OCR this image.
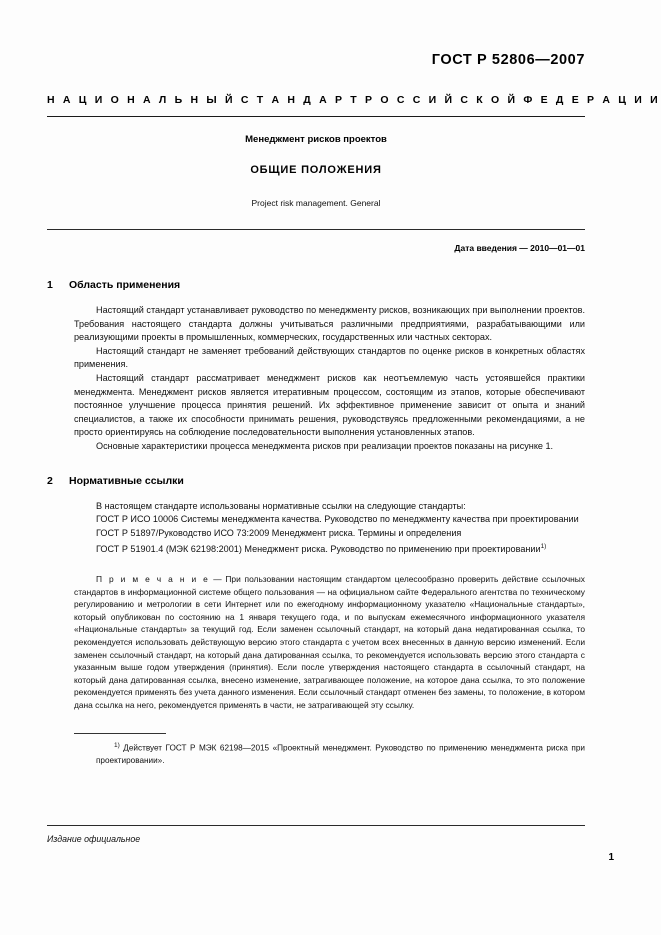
ГОСТ Р 52806—2007
Н А Ц И О Н А Л Ь Н Ы Й С Т А Н Д А Р Т Р О С С И Й С К О Й Ф Е Д Е Р А Ц И И
Менеджмент рисков проектов
ОБЩИЕ ПОЛОЖЕНИЯ
Project risk management. General
Дата введения — 2010—01—01
1 Область применения

Настоящий стандарт устанавливает руководство по менеджменту рисков, возникающих при выполнении проектов. Требования настоящего стандарта должны учитываться различными предприятиями, разрабатывающими или реализующими проекты в промышленных, коммерческих, государственных или частных секторах.

Настоящий стандарт не заменяет требований действующих стандартов по оценке рисков в конкретных областях применения.

Настоящий стандарт рассматривает менеджмент рисков как неотъемлемую часть устоявшейся практики менеджмента. Менеджмент рисков является итеративным процессом, состоящим из этапов, которые обеспечивают постоянное улучшение процесса принятия решений. Их эффективное применение зависит от опыта и знаний специалистов, а также их способности принимать решения, руководствуясь предложенными рекомендациями, а не просто ориентируясь на соблюдение последовательности выполнения установленных этапов.

Основные характеристики процесса менеджмента рисков при реализации проектов показаны на рисунке 1.

2 Нормативные ссылки

В настоящем стандарте использованы нормативные ссылки на следующие стандарты:

ГОСТ Р ИСО 10006 Системы менеджмента качества. Руководство по менеджменту качества при проектировании

ГОСТ Р 51897/Руководство ИСО 73:2009 Менеджмент риска. Термины и определения

ГОСТ Р 51901.4 (МЭК 62198:2001) Менеджмент риска. Руководство по применению при проектировании$^{1)}$

П р и м е ч а н и е — При пользовании настоящим стандартом целесообразно проверить действие ссылочных стандартов в информационной системе общего пользования — на официальном сайте Федерального агентства по техническому регулированию и метрологии в сети Интернет или по ежегодному информационному указателю «Национальные стандарты», который опубликован по состоянию на 1 января текущего года, и по выпускам ежемесячного информационного указателя «Национальные стандарты» за текущий год. Если заменен ссылочный стандарт, на который дана недатированная ссылка, то рекомендуется использовать действующую версию этого стандарта с учетом всех внесенных в данную версию изменений. Если заменен ссылочный стандарт, на который дана датированная ссылка, то рекомендуется использовать версию этого стандарта с указанным выше годом утверждения (принятия). Если после утверждения настоящего стандарта в ссылочный стандарт, на который дана датированная ссылка, внесено изменение, затрагивающее положение, на которое дана ссылка, то это положение рекомендуется применять без учета данного изменения. Если ссылочный стандарт отменен без замены, то положение, в котором дана ссылка на него, рекомендуется применять в части, не затрагивающей эту ссылку.

$^{1)}$ Действует ГОСТ Р МЭК 62198—2015 «Проектный менеджмент. Руководство по применению менеджмента риска при проектировании».

Издание официальное
1
